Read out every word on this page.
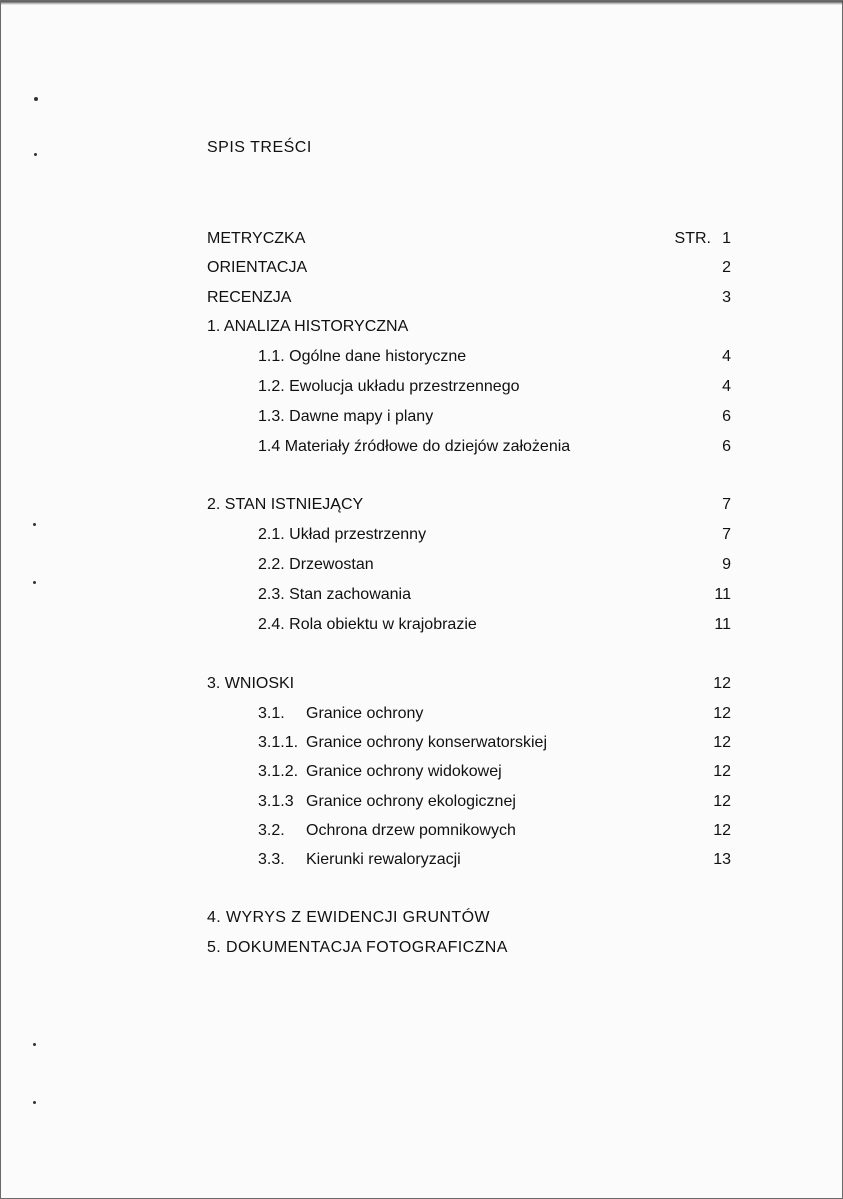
SPIS TREŚCI
METRYCZKA	STR. 1
ORIENTACJA	2
RECENZJA	3
1. ANALIZA HISTORYCZNA
1.1. Ogólne dane historyczne	4
1.2. Ewolucja układu przestrzennego	4
1.3. Dawne mapy i plany	6
1.4 Materiały źródłowe do dziejów założenia	6
2. STAN ISTNIEJĄCY	7
2.1. Układ przestrzenny	7
2.2. Drzewostan	9
2.3. Stan zachowania	11
2.4. Rola obiektu w krajobrazie	11
3. WNIOSKI	12
3.1. Granice ochrony	12
3.1.1. Granice ochrony konserwatorskiej	12
3.1.2. Granice ochrony widokowej	12
3.1.3 Granice ochrony ekologicznej	12
3.2. Ochrona drzew pomnikowych	12
3.3. Kierunki rewaloryzacji	13
4. WYRYS Z EWIDENCJI GRUNTÓW
5. DOKUMENTACJA FOTOGRAFICZNA
